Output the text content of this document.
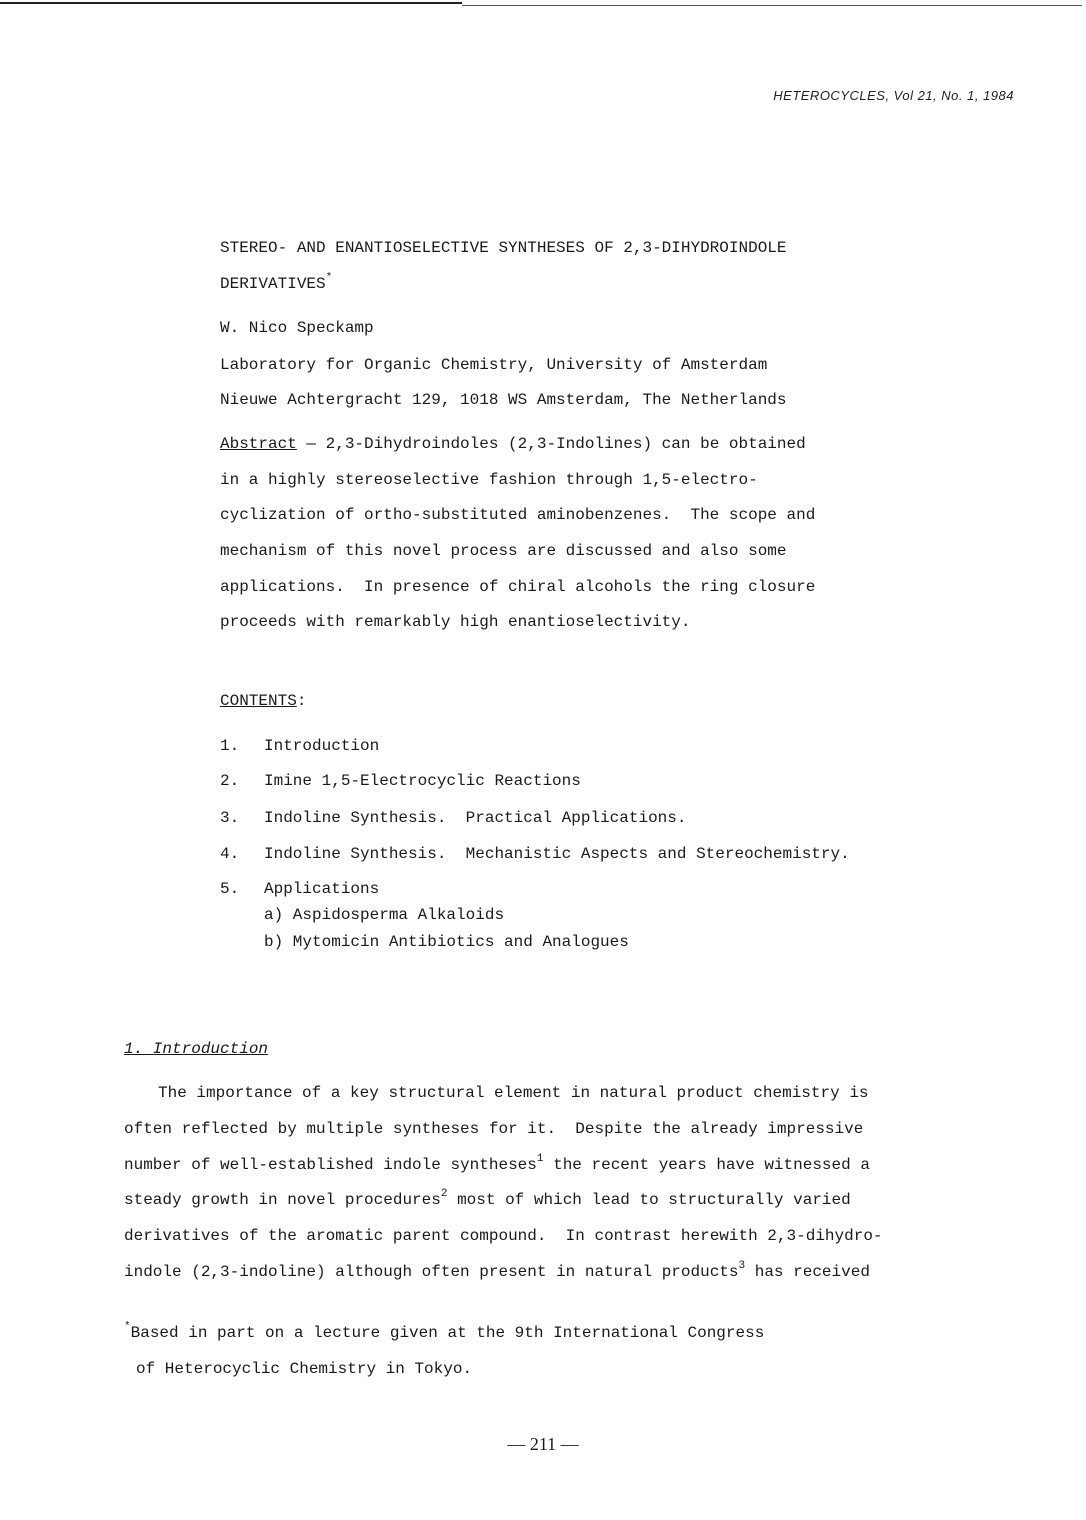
HETEROCYCLES, Vol 21, No. 1, 1984
STEREO- AND ENANTIOSELECTIVE SYNTHESES OF 2,3-DIHYDROINDOLE
DERIVATIVES*
W. Nico Speckamp
Laboratory for Organic Chemistry, University of Amsterdam
Nieuwe Achtergracht 129, 1018 WS Amsterdam, The Netherlands
Abstract — 2,3-Dihydroindoles (2,3-Indolines) can be obtained
in a highly stereoselective fashion through 1,5-electro-
cyclization of ortho-substituted aminobenzenes.  The scope and
mechanism of this novel process are discussed and also some
applications.  In presence of chiral alcohols the ring closure
proceeds with remarkably high enantioselectivity.
CONTENTS:
1. Introduction
2. Imine 1,5-Electrocyclic Reactions
3. Indoline Synthesis.  Practical Applications.
4. Indoline Synthesis.  Mechanistic Aspects and Stereochemistry.
5. Applications
a) Aspidosperma Alkaloids
b) Mytomicin Antibiotics and Analogues
1. Introduction
The importance of a key structural element in natural product chemistry is
often reflected by multiple syntheses for it.  Despite the already impressive
number of well-established indole syntheses$^1$ the recent years have witnessed a
steady growth in novel procedures$^2$ most of which lead to structurally varied
derivatives of the aromatic parent compound.  In contrast herewith 2,3-dihydro-
indole (2,3-indoline) although often present in natural products$^3$ has received
*Based in part on a lecture given at the 9th International Congress
of Heterocyclic Chemistry in Tokyo.
— 211 —
